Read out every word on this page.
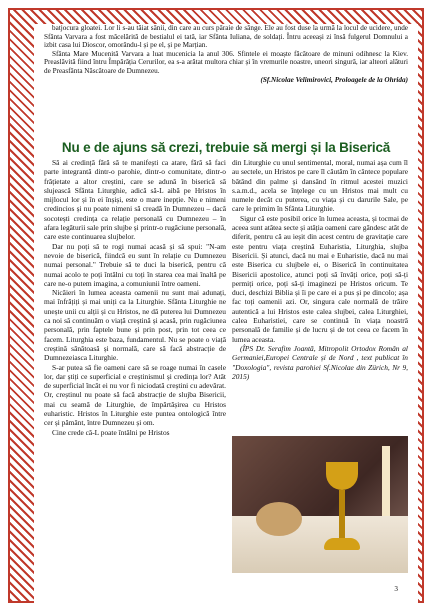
batjocura gloatei. Lor li s-au tăiat sânii, din care au curs pâraie de sânge. Ele au fost duse la urmă la locul de ucidere, unde Sfânta Varvara a fost măcelărită de bestialul ei tată, iar Sfânta Iuliana, de soldați. Întru aceeași zi însă fulgerul Domnului a izbit casa lui Dioscor, omorându-l și pe el, și pe Marțian.

Sfânta Mare Mucenită Varvara a luat mucenicia la anul 306. Sfintele ei moaște făcătoare de minuni odihnesc la Kiev. Preaslăvită fiind întru Împărăția Cerurilor, ea s-a arătat multora chiar și în vremurile noastre, uneori singură, iar alteori alături de Preasfânta Născătoare de Dumnezeu.

(Sf.Nicolae Velimirovici, Proloagele de la Ohrida)

Nu e de ajuns să crezi, trebuie să mergi și la Biserică

Să ai credință fără să te manifești ca atare, fără să faci parte integrantă dintr-o parohie, dintr-o comunitate, dintr-o frățietate a altor creștini, care se adună în biserică să slujească Sfânta Liturghie, adică să-L aibă pe Hristos în mijlocul lor și în ei înșiși, este o mare inepție. Nu e nimeni credincios și nu poate nimeni să creadă în Dumnezeu – dacă socotești credința ca relație personală cu Dumnezeu – în afara legăturii sale prin slujbe și printr-o rugăciune personală, care este continuarea slujbelor.

Dar nu poți să te rogi numai acasă și să spui: "N-am nevoie de biserică, fiindcă eu sunt în relație cu Dumnezeu numai personal." Trebuie să te duci la biserică, pentru că numai acolo te poți întâlni cu toți în starea cea mai înaltă pe care ne-o putem imagina, a comuniunii între oameni.

Nicăieri în lumea aceasta oamenii nu sunt mai adunați, mai înfrățiți și mai uniți ca la Liturghie. Sfânta Liturghie ne unește unii cu alții și cu Hristos, ne dă puterea lui Dumnezeu ca noi să continuăm o viață creștină și acasă, prin rugăciunea personală, prin faptele bune și prin post, prin tot ceea ce facem. Liturghia este baza, fundamentul. Nu se poate o viață creștină sănătoasă și normală, care să facă abstracție de Dumnezeiasca Liturghie.

S-ar putea să fie oameni care să se roage numai în casele lor, dar știți ce superficial e creștinismul și credința lor? Atât de superficial încât ei nu vor fi niciodată creștini cu adevărat. Or, creștinul nu poate să facă abstracție de slujba Bisericii, mai cu seamă de Liturghie, de împărtășirea cu Hristos euharistic. Hristos în Liturghie este puntea ontologică între cer și pământ, între Dumnezeu și om.

Cine crede că-L poate întâlni pe Hristos

din Liturghie cu unul sentimental, moral, numai așa cum îl au sectele, un Hristos pe care îl căutăm în cântece populare bătând din palme și dansând în ritmul acestei muzici s.a.m.d., acela se înțelege cu un Hristos mai mult cu numele decât cu puterea, cu viața și cu darurile Sale, pe care le primim în Sfânta Liturghie.

Sigur că este posibil orice în lumea aceasta, și tocmai de aceea sunt atâtea secte și atâția oameni care gândesc atât de diferit, pentru că au ieșit din acest centru de gravitație care este pentru viața creștină Euharistia, Liturghia, slujba Bisericii. Și atunci, dacă nu mai e Euharistie, dacă nu mai este Biserica cu slujbele ei, o Biserică în continuitatea Bisericii apostolice, atunci poți să învăți orice, poți să-ți permiți orice, poți să-ți imaginezi pe Hristos oricum. Te duci, deschizi Biblia și îi pe care ei a pus și pe dincolo; așa fac toți oamenii azi. Or, singura cale normală de trăire autentică a lui Hristos este calea slujbei, calea Liturghiei, calea Euharistiei, care se continuă în viața noastră personală de familie și de lucru și de tot ceea ce facem în lumea aceasta.

(ÎPS Dr. Serafim Joantă, Mitropolit Ortodox Român al Germaniei,Europei Centrale și de Nord , text publicat în "Doxologia", revista parohiei Sf.Nicolae din Zürich, Nr 9, 2015)

3
